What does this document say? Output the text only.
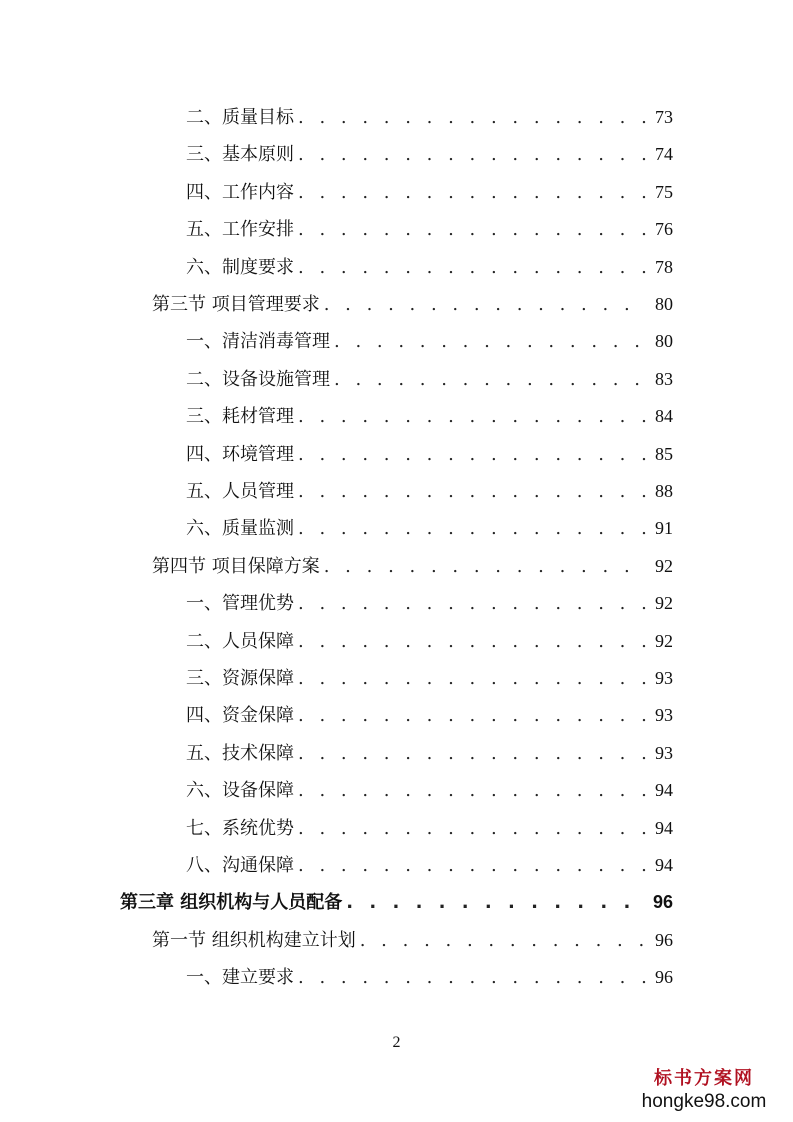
二、质量目标 . . .	73
三、基本原则 . . .	74
四、工作内容 . . .	75
五、工作安排 . . .	76
六、制度要求 . . .	78
第三节 项目管理要求 . . .	80
一、清洁消毒管理 . . .	80
二、设备设施管理 . . .	83
三、耗材管理 . . .	84
四、环境管理 . . .	85
五、人员管理 . . .	88
六、质量监测 . . .	91
第四节 项目保障方案 . . .	92
一、管理优势 . . .	92
二、人员保障 . . .	92
三、资源保障 . . .	93
四、资金保障 . . .	93
五、技术保障 . . .	93
六、设备保障 . . .	94
七、系统优势 . . .	94
八、沟通保障 . . .	94
第三章 组织机构与人员配备 . . .	96
第一节 组织机构建立计划 . . .	96
一、建立要求 . . .	96
2
标书方案网
hongke98.com
